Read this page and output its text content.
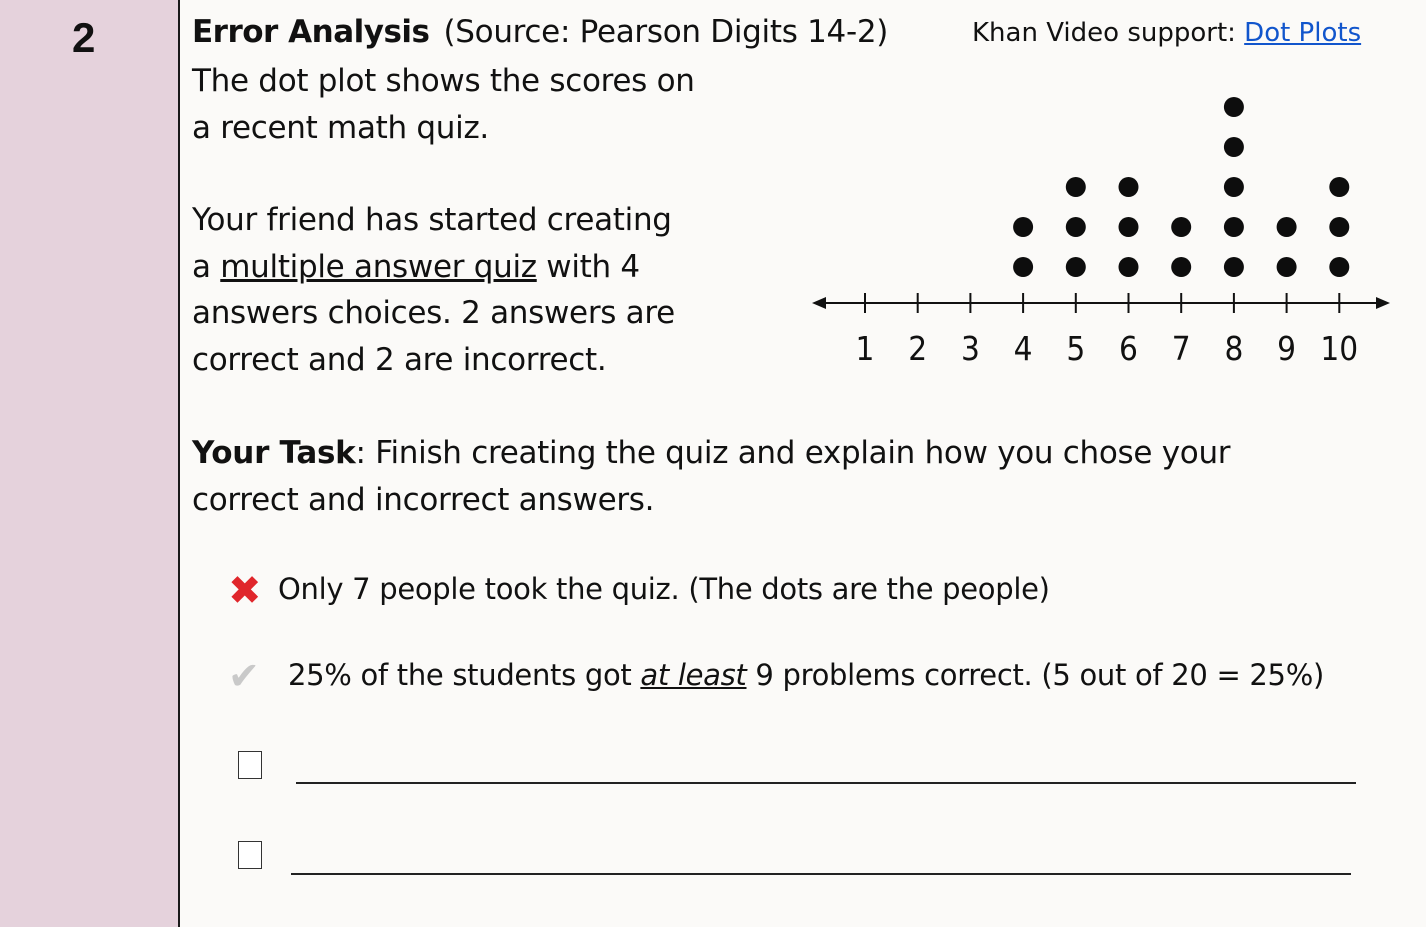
2	Error Analysis (Source: Pearson Digits 14-2)	Khan Video support: Dot Plots
The dot plot shows the scores on
a recent math quiz.
Your friend has started creating
a multiple answer quiz with 4
answers choices. 2 answers are
correct and 2 are incorrect.
Your Task: Finish creating the quiz and explain how you chose your
correct and incorrect answers.
1 2 3 4 5 6 7 8 9 10
✖ Only 7 people took the quiz. (The dots are the people)
✔ 25% of the students got at least 9 problems correct. (5 out of 20 = 25%)
